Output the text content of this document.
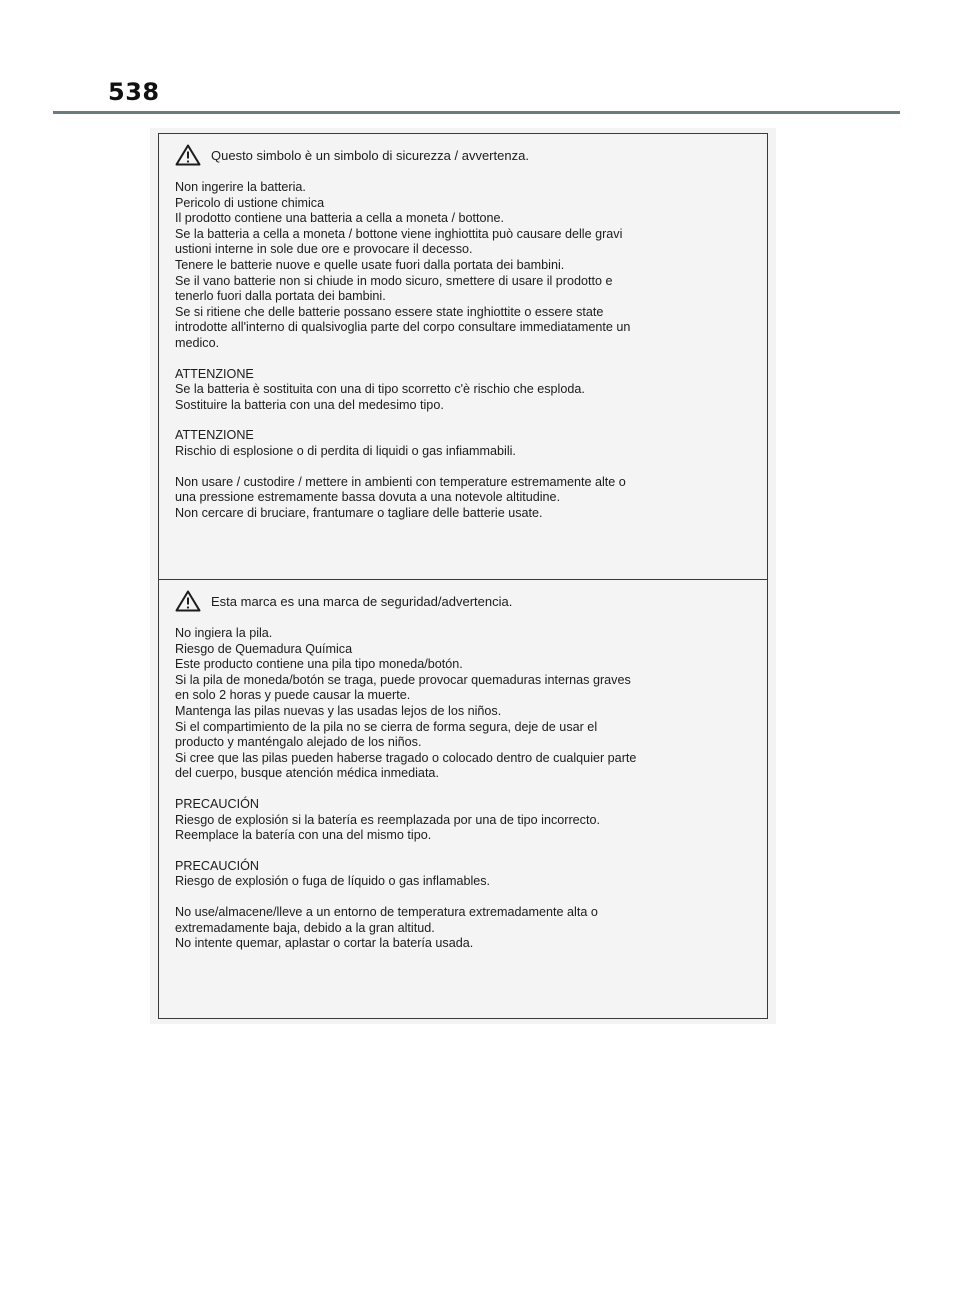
538
Questo simbolo è un simbolo di sicurezza / avvertenza.

Non ingerire la batteria.
Pericolo di ustione chimica
Il prodotto contiene una batteria a cella a moneta / bottone.
Se la batteria a cella a moneta / bottone viene inghiottita può causare delle gravi
ustioni interne in sole due ore e provocare il decesso.
Tenere le batterie nuove e quelle usate fuori dalla portata dei bambini.
Se il vano batterie non si chiude in modo sicuro, smettere di usare il prodotto e
tenerlo fuori dalla portata dei bambini.
Se si ritiene che delle batterie possano essere state inghiottite o essere state
introdotte all'interno di qualsivoglia parte del corpo consultare immediatamente un
medico.

ATTENZIONE
Se la batteria è sostituita con una di tipo scorretto c'è rischio che esploda.
Sostituire la batteria con una del medesimo tipo.

ATTENZIONE
Rischio di esplosione o di perdita di liquidi o gas infiammabili.

Non usare / custodire / mettere in ambienti con temperature estremamente alte o
una pressione estremamente bassa dovuta a una notevole altitudine.
Non cercare di bruciare, frantumare o tagliare delle batterie usate.

Esta marca es una marca de seguridad/advertencia.

No ingiera la pila.
Riesgo de Quemadura Química
Este producto contiene una pila tipo moneda/botón.
Si la pila de moneda/botón se traga, puede provocar quemaduras internas graves
en solo 2 horas y puede causar la muerte.
Mantenga las pilas nuevas y las usadas lejos de los niños.
Si el compartimiento de la pila no se cierra de forma segura, deje de usar el
producto y manténgalo alejado de los niños.
Si cree que las pilas pueden haberse tragado o colocado dentro de cualquier parte
del cuerpo, busque atención médica inmediata.

PRECAUCIÓN
Riesgo de explosión si la batería es reemplazada por una de tipo incorrecto.
Reemplace la batería con una del mismo tipo.

PRECAUCIÓN
Riesgo de explosión o fuga de líquido o gas inflamables.

No use/almacene/lleve a un entorno de temperatura extremadamente alta o
extremadamente baja, debido a la gran altitud.
No intente quemar, aplastar o cortar la batería usada.
